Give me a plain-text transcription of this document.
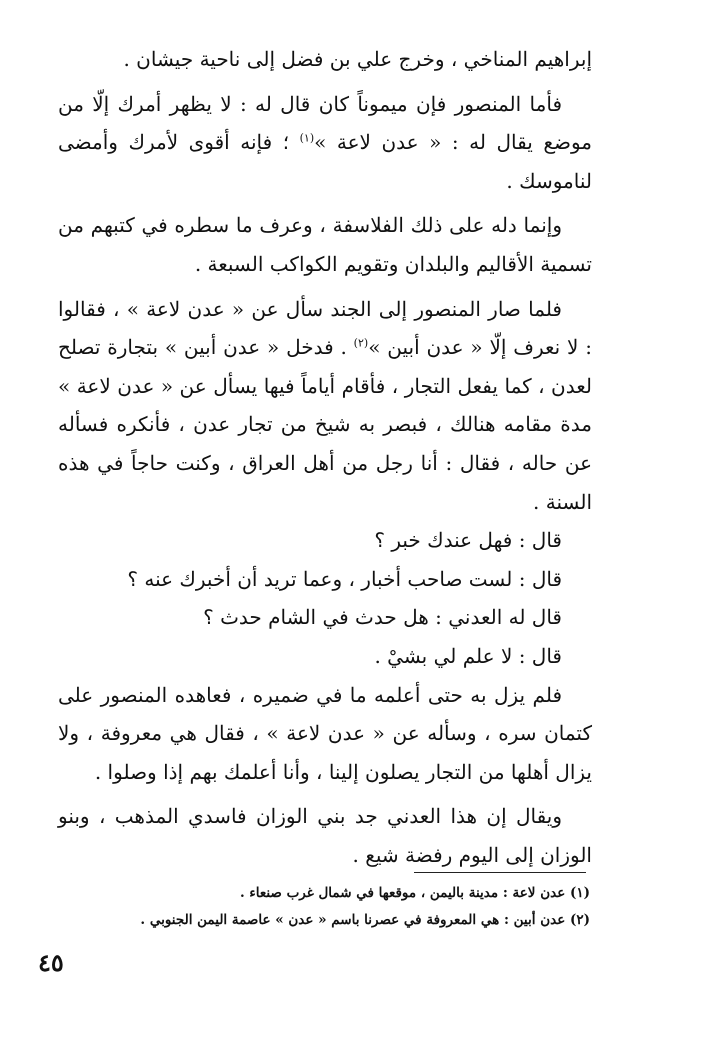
إبراهيم المناخي ، وخرج علي بن فضل إلى ناحية جيشان .

فأما المنصور فإن ميموناً كان قال له : لا يظهر أمرك إلّا من موضع يقال له : « عدن لاعة »$^{(١)}$ ؛ فإنه أقوى لأمرك وأمضى لناموسك .

وإنما دله على ذلك الفلاسفة ، وعرف ما سطره في كتبهم من تسمية الأقاليم والبلدان وتقويم الكواكب السبعة .

فلما صار المنصور إلى الجند سأل عن « عدن لاعة » ، فقالوا : لا نعرف إلّا « عدن أبين »$^{(٢)}$ . فدخل « عدن أبين » بتجارة تصلح لعدن ، كما يفعل التجار ، فأقام أياماً فيها يسأل عن « عدن لاعة » مدة مقامه هنالك ، فبصر به شيخ من تجار عدن ، فأنكره فسأله عن حاله ، فقال : أنا رجل من أهل العراق ، وكنت حاجاً في هذه السنة .

قال : فهل عندك خبر ؟

قال : لست صاحب أخبار ، وعما تريد أن أخبرك عنه ؟

قال له العدني : هل حدث في الشام حدث ؟

قال : لا علم لي بشيْ .

فلم يزل به حتى أعلمه ما في ضميره ، فعاهده المنصور على كتمان سره ، وسأله عن « عدن لاعة » ، فقال هي معروفة ، ولا يزال أهلها من التجار يصلون إلينا ، وأنا أعلمك بهم إذا وصلوا .

ويقال إن هذا العدني جد بني الوزان فاسدي المذهب ، وبنو الوزان إلى اليوم رفضة شيع .

(١) عدن لاعة : مدينة باليمن ، موقعها في شمال غرب صنعاء .

(٢) عدن أبين : هي المعروفة في عصرنا باسم « عدن » عاصمة اليمن الجنوبي .

٤٥
